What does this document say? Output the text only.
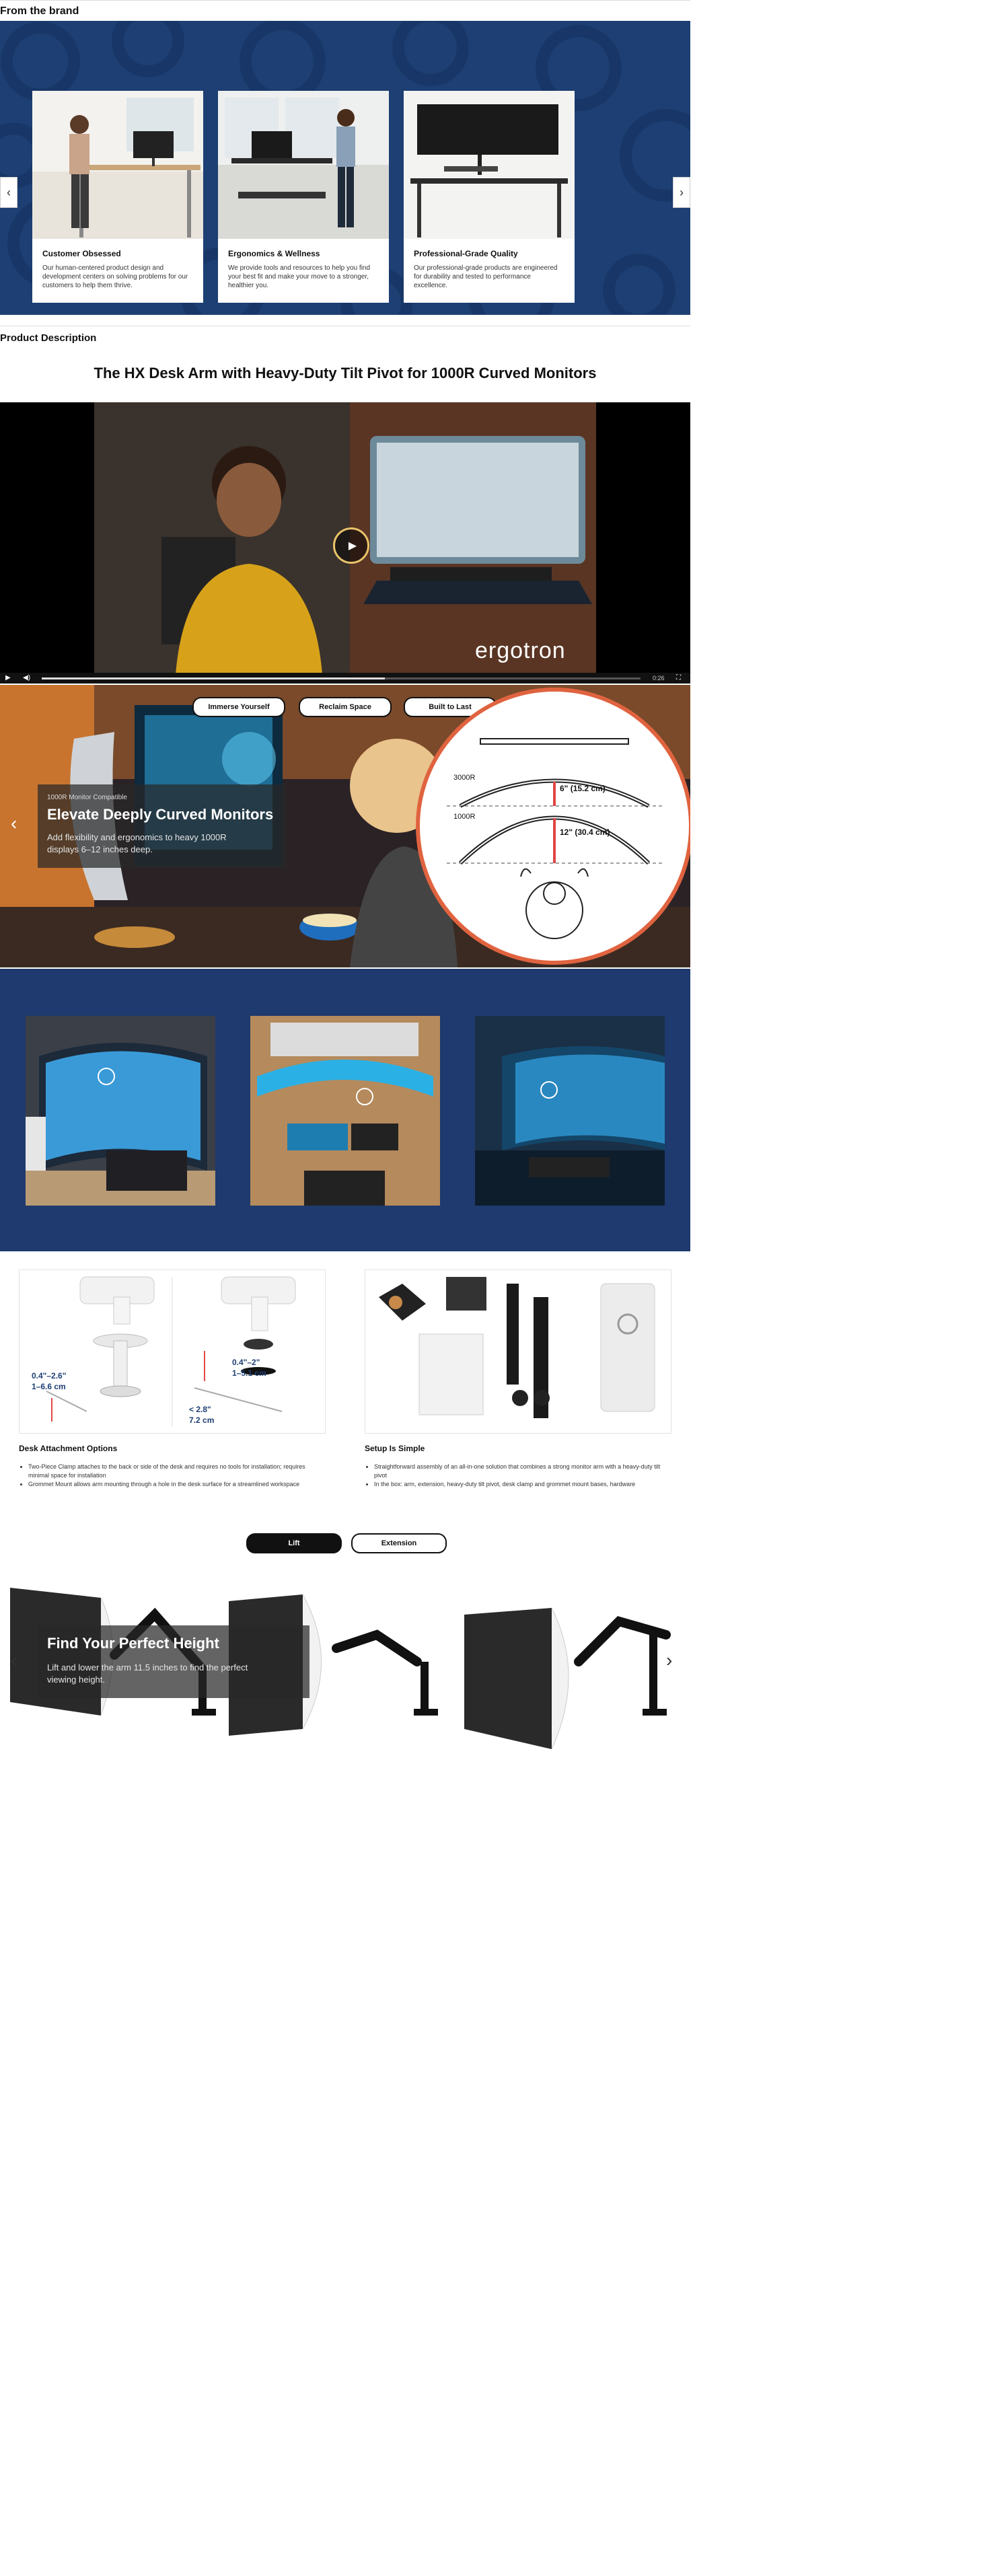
From the brand
Customer Obsessed
Our human-centered product design and development centers on solving problems for our customers to help them thrive.
Ergonomics & Wellness
We provide tools and resources to help you find your best fit and make your move to a stronger, healthier you.
Professional-Grade Quality
Our professional-grade products are engineered for durability and tested to performance excellence.
‹	›
Product Description
The HX Desk Arm with Heavy-Duty Tilt Pivot for 1000R Curved Monitors
▶
ergotron
▶ ◀)	0:26 ⛶
Immerse Yourself	Reclaim Space	Built to Last
1000R Monitor Compatible
Elevate Deeply Curved Monitors
Add flexibility and ergonomics to heavy 1000R displays 6–12 inches deep.
‹
3000R
6" (15.2 cm)
1000R
12" (30.4 cm)
0.4"–2.6"
1–6.6 cm
0.4"–2"
1–5.1 cm
< 2.8"
7.2 cm
Desk Attachment Options
• Two-Piece Clamp attaches to the back or side of the desk and requires no tools for installation; requires minimal space for installation
• Grommet Mount allows arm mounting through a hole in the desk surface for a streamlined workspace
Setup Is Simple
• Straightforward assembly of an all-in-one solution that combines a strong monitor arm with a heavy-duty tilt pivot
• In the box: arm, extension, heavy-duty tilt pivot, desk clamp and grommet mount bases, hardware
Lift	Extension
Find Your Perfect Height
Lift and lower the arm 11.5 inches to find the perfect viewing height.
‹	›
